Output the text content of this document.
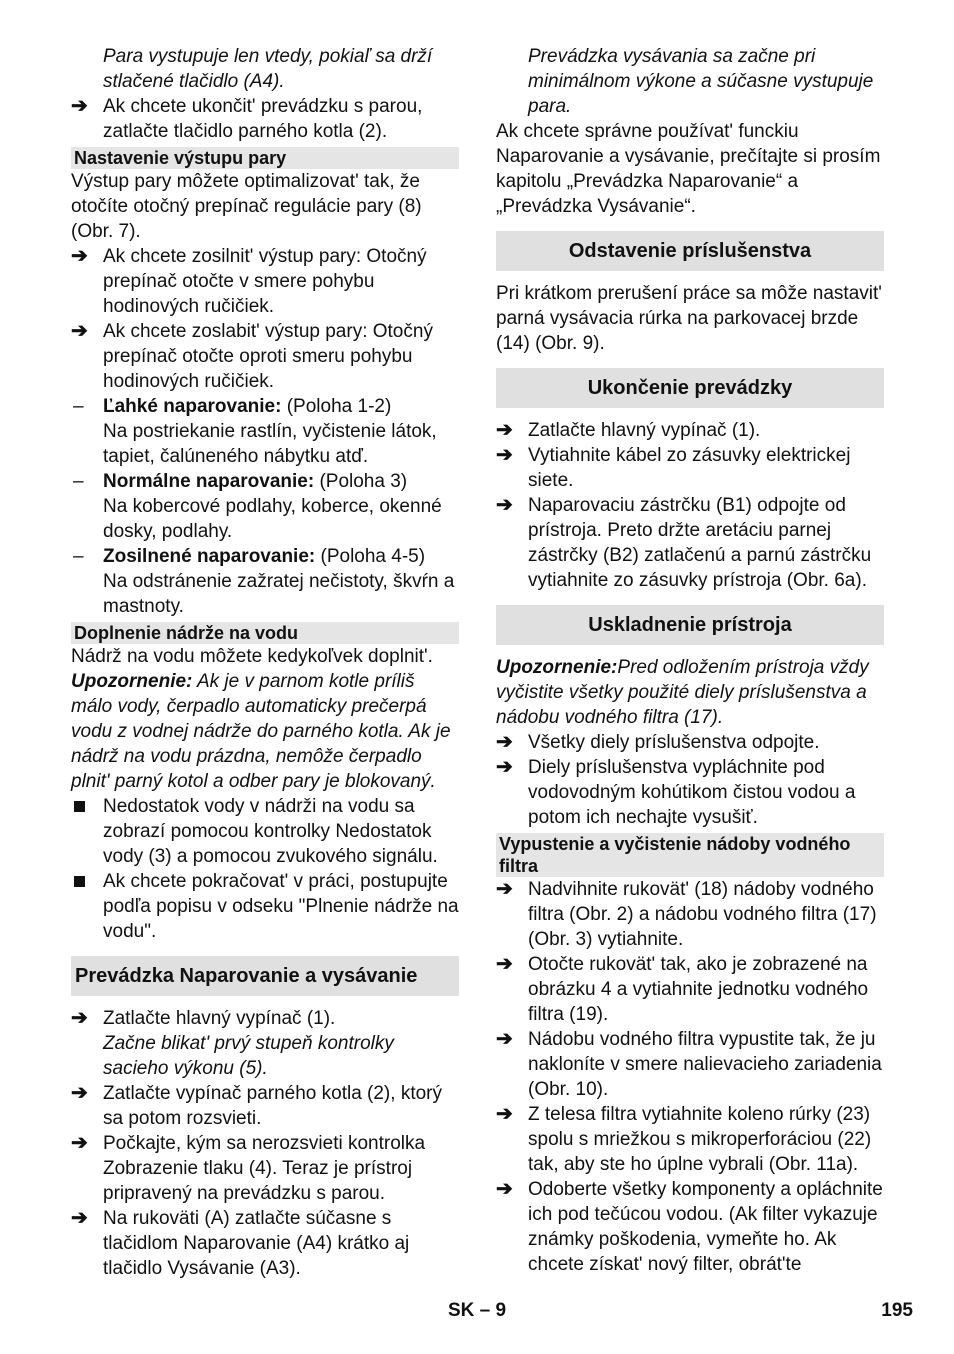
Para vystupuje len vtedy, pokiaľ sa drží stlačené tlačidlo (A4).

➔ Ak chcete ukončit' prevádzku s parou, zatlačte tlačidlo parného kotla (2).
Nastavenie výstupu pary

Výstup pary môžete optimalizovat' tak, že otočíte otočný prepínač regulácie pary (8) (Obr. 7).

➔ Ak chcete zosilnit' výstup pary: Otočný prepínač otočte v smere pohybu hodinových ručičiek.
➔ Ak chcete zoslabit' výstup pary: Otočný prepínač otočte oproti smeru pohybu hodinových ručičiek.
–	Ľahké naparovanie: (Poloha 1-2)
Na postriekanie rastlín, vyčistenie látok, tapiet, čalúneného nábytku atď.
–	Normálne naparovanie: (Poloha 3)
Na kobercové podlahy, koberce, okenné dosky, podlahy.
–	Zosilnené naparovanie: (Poloha 4-5)
Na odstránenie zažratej nečistoty, škvŕn a mastnoty.
Doplnenie nádrže na vodu

Nádrž na vodu môžete kedykoľvek doplnit'.

Upozornenie: Ak je v parnom kotle príliš málo vody, čerpadlo automaticky prečerpá vodu z vodnej nádrže do parného kotla. Ak je nádrž na vodu prázdna, nemôže čerpadlo plnit' parný kotol a odber pary je blokovaný.

Nedostatok vody v nádrži na vodu sa zobrazí pomocou kontrolky Nedostatok vody (3) a pomocou zvukového signálu.
Ak chcete pokračovat' v práci, postupujte podľa popisu v odseku "Plnenie nádrže na vodu".
Prevádzka Naparovanie a vysávanie
➔ Zatlačte hlavný vypínač (1).
Začne blikat' prvý stupeň kontrolky sacieho výkonu (5).
➔ Zatlačte vypínač parného kotla (2), ktorý sa potom rozsvieti.
➔ Počkajte, kým sa nerozsvieti kontrolka Zobrazenie tlaku (4). Teraz je prístroj pripravený na prevádzku s parou.
➔ Na rukoväti (A) zatlačte súčasne s tlačidlom Naparovanie (A4) krátko aj tlačidlo Vysávanie (A3).

Prevádzka vysávania sa začne pri minimálnom výkone a súčasne vystupuje para.

Ak chcete správne používat' funckiu Naparovanie a vysávanie, prečítajte si prosím kapitolu „Prevádzka Naparovanie“ a „Prevádzka Vysávanie“.

Odstavenie príslušenstva

Pri krátkom prerušení práce sa môže nastavit' parná vysávacia rúrka na parkovacej brzde (14) (Obr. 9).

Ukončenie prevádzky
➔ Zatlačte hlavný vypínač (1).
➔ Vytiahnite kábel zo zásuvky elektrickej siete.
➔ Naparovaciu zástrčku (B1) odpojte od prístroja. Preto držte aretáciu parnej zástrčky (B2) zatlačenú a parnú zástrčku vytiahnite zo zásuvky prístroja (Obr. 6a).
Uskladnenie prístroja

Upozornenie:Pred odložením prístroja vždy vyčistite všetky použité diely príslušenstva a nádobu vodného filtra (17).

➔ Všetky diely príslušenstva odpojte.
➔ Diely príslušenstva vypláchnite pod vodovodným kohútikom čistou vodou a potom ich nechajte vysušiť.
Vypustenie a vyčistenie nádoby vodného filtra
➔ Nadvihnite rukovät' (18) nádoby vodného filtra (Obr. 2) a nádobu vodného filtra (17) (Obr. 3) vytiahnite.
➔ Otočte rukovät' tak, ako je zobrazené na obrázku 4 a vytiahnite jednotku vodného filtra (19).
➔ Nádobu vodného filtra vypustite tak, že ju nakloníte v smere nalievacieho zariadenia (Obr. 10).
➔ Z telesa filtra vytiahnite koleno rúrky (23) spolu s mriežkou s mikroperforáciou (22) tak, aby ste ho úplne vybrali (Obr. 11a).
➔ Odoberte všetky komponenty a opláchnite ich pod tečúcou vodou. (Ak filter vykazuje známky poškodenia, vymeňte ho. Ak chcete získat' nový filter, obrát'te
SK – 9	195
